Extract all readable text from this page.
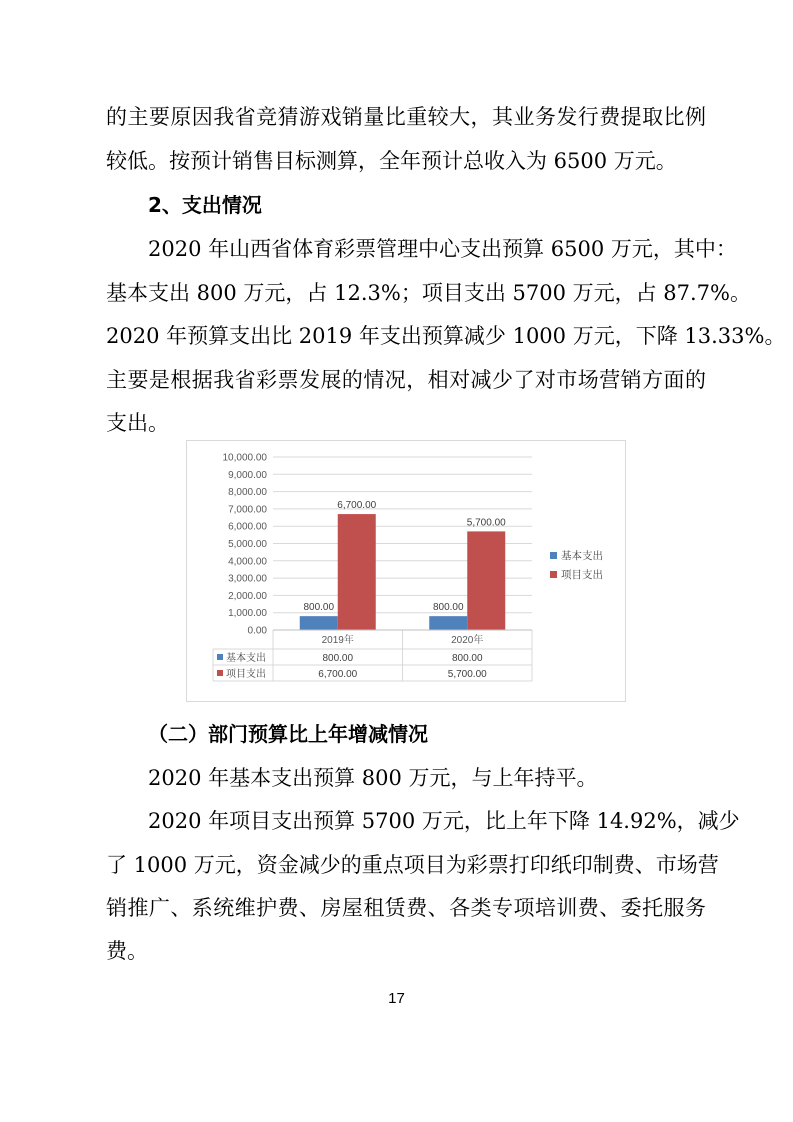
的主要原因我省竞猜游戏销量比重较大，其业务发行费提取比例
较低。按预计销售目标测算，全年预计总收入为 6500 万元。
2、支出情况
2020 年山西省体育彩票管理中心支出预算 6500 万元，其中：
基本支出 800 万元，占 12.3%；项目支出 5700 万元，占 87.7%。
2020 年预算支出比 2019 年支出预算减少 1000 万元，下降 13.33%。
主要是根据我省彩票发展的情况，相对减少了对市场营销方面的
支出。
0.00
1,000.00
2,000.00
3,000.00
4,000.00
5,000.00
6,000.00
7,000.00
8,000.00
9,000.00
10,000.00
800.00
6,700.00
2019年
800.00
5,700.00
2020年
基本支出	800.00	800.00
项目支出	6,700.00	5,700.00
基本支出
项目支出
（二）部门预算比上年增减情况
2020 年基本支出预算 800 万元，与上年持平。
2020 年项目支出预算 5700 万元，比上年下降 14.92%，减少
了 1000 万元，资金减少的重点项目为彩票打印纸印制费、市场营
销推广、系统维护费、房屋租赁费、各类专项培训费、委托服务
费。
17
